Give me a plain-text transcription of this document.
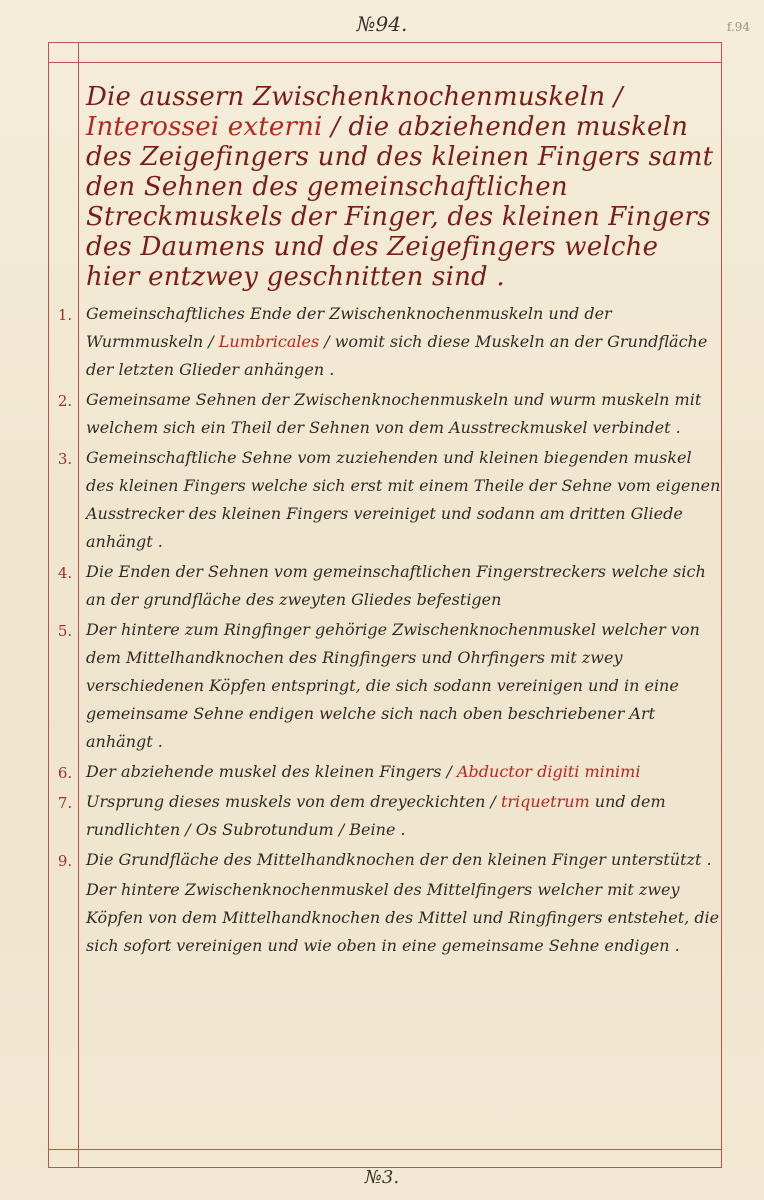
№94.	f.94
Die aussern Zwischenknochenmuskeln / Interossei externi / die abziehenden muskeln des Zeigefingers und des kleinen Fingers samt den Sehnen des gemeinschaftlichen Streckmuskels der Finger, des kleinen Fingers des Daumens und des Zeigefingers welche hier entzwey geschnitten sind .
1. Gemeinschaftliches Ende der Zwischenknochenmuskeln und der Wurmmuskeln / Lumbricales / womit sich diese Muskeln an der Grundfläche der letzten Glieder anhängen .
2. Gemeinsame Sehnen der Zwischenknochenmuskeln und wurm muskeln mit welchem sich ein Theil der Sehnen von dem Ausstreckmuskel verbindet .
3. Gemeinschaftliche Sehne vom zuziehenden und kleinen biegenden muskel des kleinen Fingers welche sich erst mit einem Theile der Sehne vom eigenen Ausstrecker des kleinen Fingers vereiniget und sodann am dritten Gliede anhängt .
4. Die Enden der Sehnen vom gemeinschaftlichen Fingerstreckers welche sich an der grundfläche des zweyten Gliedes befestigen
5. Der hintere zum Ringfinger gehörige Zwischenknochenmuskel welcher von dem Mittelhandknochen des Ringfingers und Ohrfingers mit zwey verschiedenen Köpfen entspringt, die sich sodann vereinigen und in eine gemeinsame Sehne endigen welche sich nach oben beschriebener Art anhängt .
6. Der abziehende muskel des kleinen Fingers / Abductor digiti minimi
7. Ursprung dieses muskels von dem dreyeckichten / triquetrum und dem rundlichten / Os Subrotundum / Beine .
9. Die Grundfläche des Mittelhandknochen der den kleinen Finger unterstützt .
Der hintere Zwischenknochenmuskel des Mittelfingers welcher mit zwey Köpfen von dem Mittelhandknochen des Mittel und Ringfingers entstehet, die sich sofort vereinigen und wie oben in eine gemeinsame Sehne endigen .
№3.
